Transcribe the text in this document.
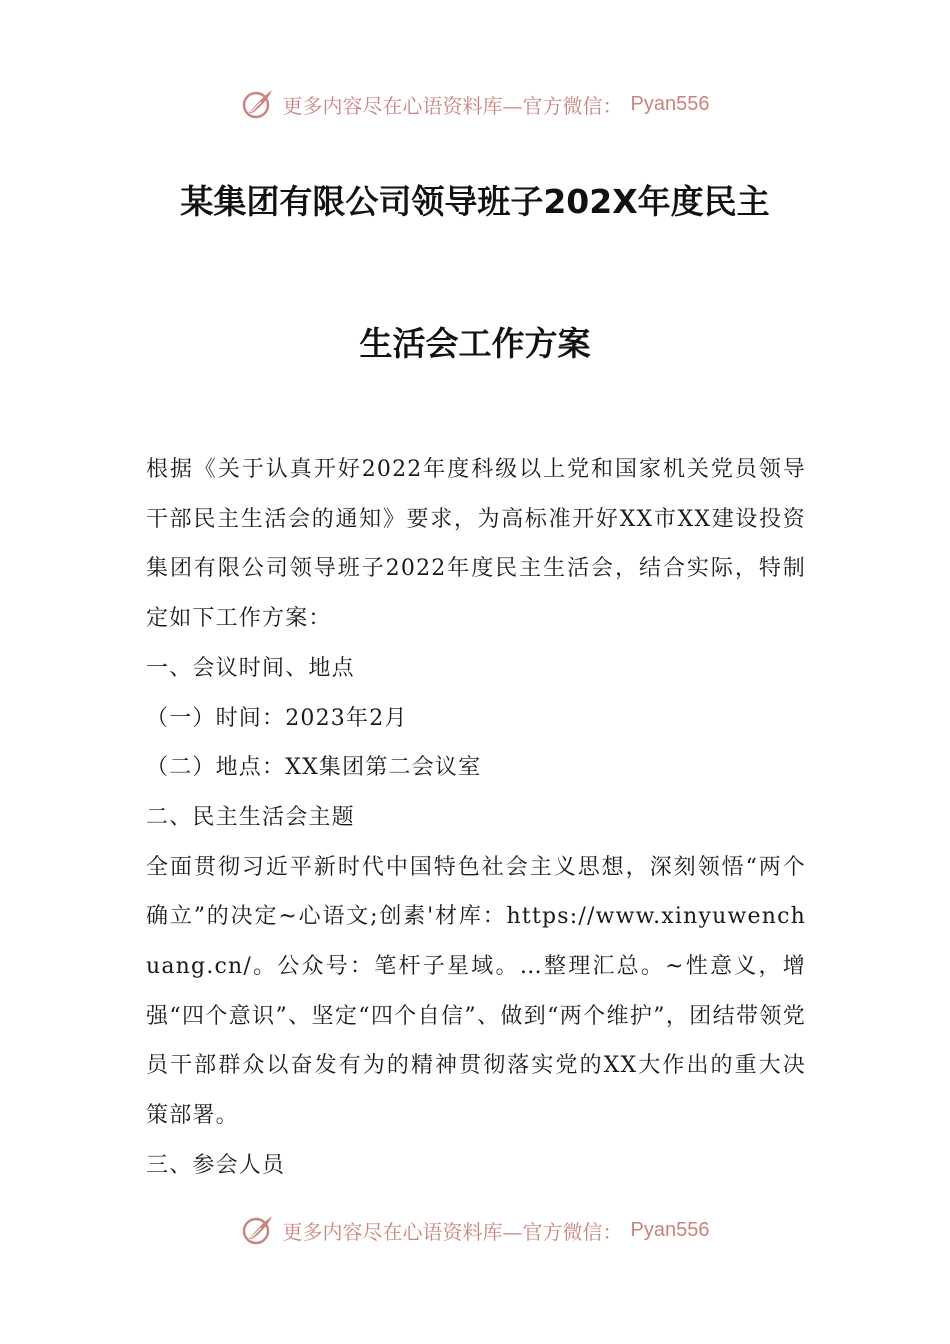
更多内容尽在心语资料库—官方微信： Pyan556
某集团有限公司领导班子202X年度民主
生活会工作方案

根据《关于认真开好2022年度科级以上党和国家机关党员领导干部民主生活会的通知》要求，为高标准开好XX市XX建设投资集团有限公司领导班子2022年度民主生活会，结合实际，特制定如下工作方案：

一、会议时间、地点

（一）时间：2023年2月

（二）地点：XX集团第二会议室

二、民主生活会主题

全面贯彻习近平新时代中国特色社会主义思想，深刻领悟“两个确立”的决定~心语文;创素'材库：https://www.xinyuwenchuang.cn/。公众号：笔杆子星域。…整理汇总。~性意义，增强“四个意识”、坚定“四个自信”、做到“两个维护”，团结带领党员干部群众以奋发有为的精神贯彻落实党的XX大作出的重大决策部署。

三、参会人员

更多内容尽在心语资料库—官方微信： Pyan556
